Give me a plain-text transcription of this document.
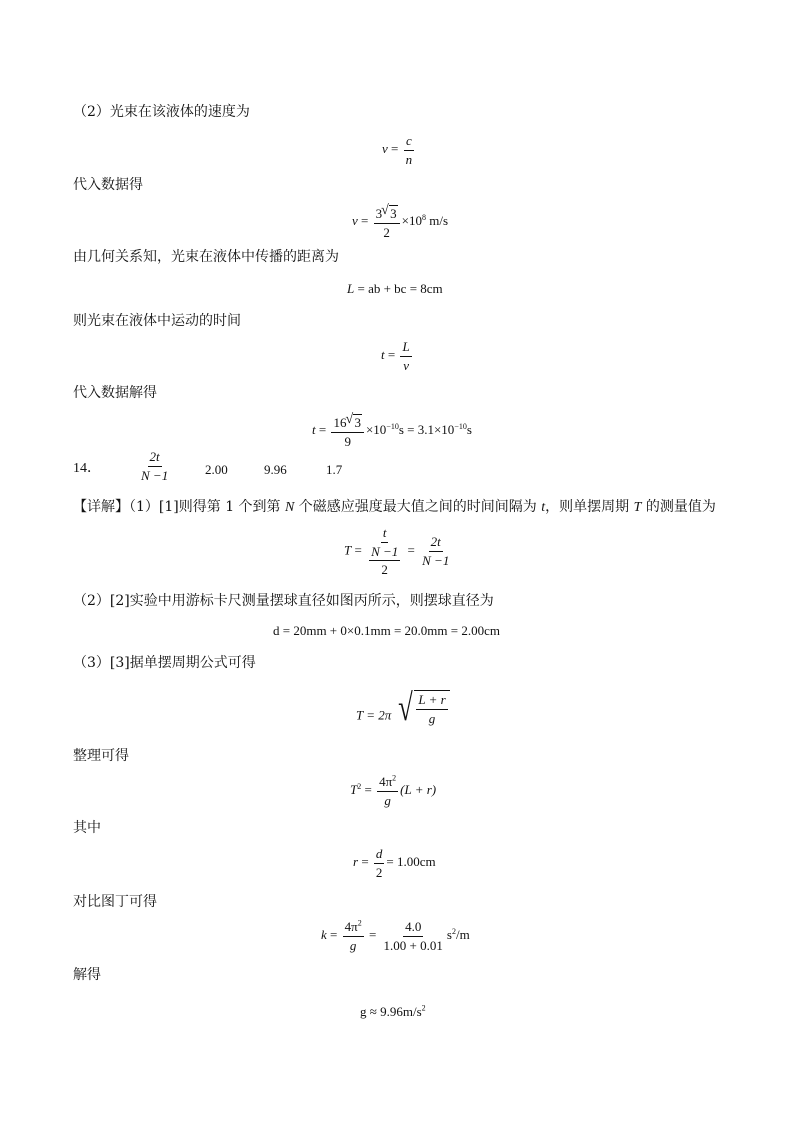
（2）光束在该液体的速度为
$v = \frac{c}{n}$
代入数据得
$v = \frac{3 √ 3}{2} \times 10^8$ m/s
由几何关系知，光束在液体中传播的距离为
L = ab + bc = 8cm
则光束在液体中运动的时间
$t = \frac{L}{v}$
代入数据解得
$t = \frac{16 √ 3}{9} \times 10^{-10}s = 3.1\times 10^{-10}s$
14．	$\frac{2t}{N -1}$	2.00	9.96	1.7
【详解】（1）[1]则得第 1 个到第 N 个磁感应强度最大值之间的时间间隔为 t，则单摆周期 T 的测量值为
$T = \frac{t}{\frac{N -1}{2}} = \frac{2t}{N -1}$
（2）[2]实验中用游标卡尺测量摆球直径如图丙所示，则摆球直径为
d = 20mm + 0×0.1mm = 20.0mm = 2.00cm
（3）[3]据单摆周期公式可得
T = 2π √ $\frac{L + r}{g}$
整理可得
$T^2 = \frac{4\pi^2}{g} (L + r)$
其中
$r = \frac{d}{2} = 1.00cm$
对比图丁可得
$k = \frac{4\pi^2}{g} = \frac{4.0}{1.00 + 0.01} s^2/m$
解得
$g \approx 9.96m/s^2$
